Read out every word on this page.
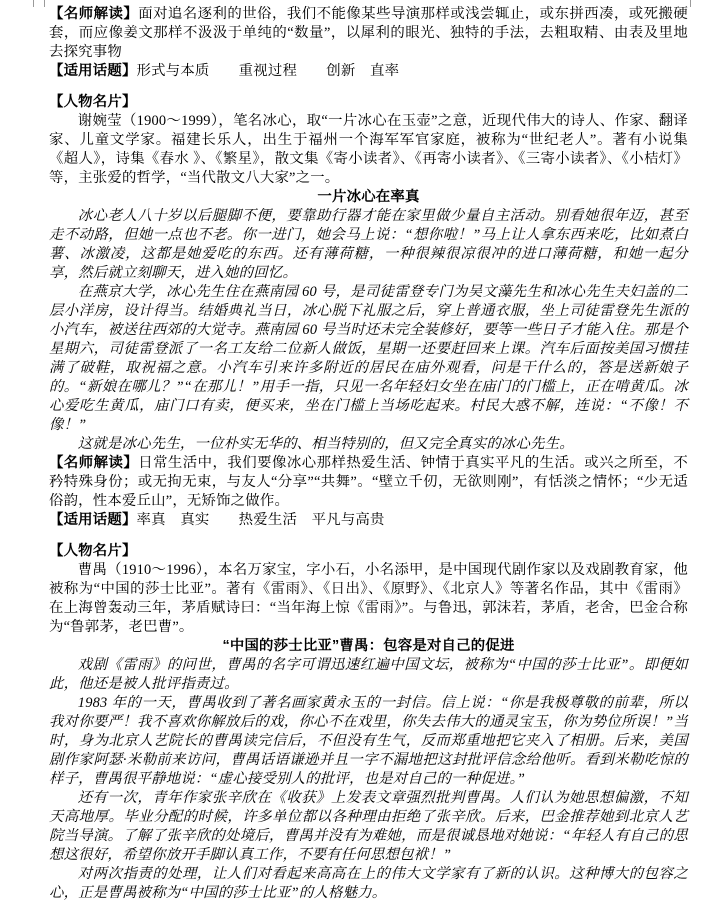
【名师解读】面对追名逐利的世俗，我们不能像某些导演那样或浅尝辄止，或东拼西凑，或死搬硬套，而应像姜文那样不汲汲于单纯的“数量”，以犀利的眼光、独特的手法，去粗取精、由表及里地去探究事物

【适用话题】形式与本质　　重视过程　　创新　直率

【人物名片】

谢婉莹（1900～1999），笔名冰心，取“一片冰心在玉壶”之意，近现代伟大的诗人、作家、翻译家、儿童文学家。福建长乐人，出生于福州一个海军军官家庭，被称为“世纪老人”。著有小说集《超人》，诗集《春水 》、《繁星》，散文集《寄小读者》、《再寄小读者》、《三寄小读者》、《小桔灯》等，主张爱的哲学，“当代散文八大家”之一。

一片冰心在率真

冰心老人八十岁以后腿脚不便，要靠助行器才能在家里做少量自主活动。别看她很年迈，甚至走不动路，但她一点也不老。你一进门，她会马上说：“想你啦！”马上让人拿东西来吃，比如煮白薯、冰激凌，这都是她爱吃的东西。还有薄荷糖，一种很辣很凉很冲的进口薄荷糖，和她一起分享，然后就立刻聊天，进入她的回忆。

在燕京大学，冰心先生住在燕南园 60 号，是司徒雷登专门为吴文藻先生和冰心先生夫妇盖的二层小洋房，设计得当。结婚典礼当日，冰心脱下礼服之后，穿上普通衣服，坐上司徒雷登先生派的小汽车，被送往西郊的大觉寺。燕南园 60 号当时还未完全装修好，要等一些日子才能入住。那是个星期六，司徒雷登派了一名工友给二位新人做饭，星期一还要赶回来上课。汽车后面按美国习惯挂满了破鞋，取祝福之意。小汽车引来许多附近的居民在庙外观看，问是干什么的，答是送新娘子的。“新娘在哪儿？”“在那儿！”用手一指，只见一名年轻妇女坐在庙门的门槛上，正在啃黄瓜。冰心爱吃生黄瓜，庙门口有卖，便买来，坐在门槛上当场吃起来。村民大惑不解，连说：“不像！不像！”

这就是冰心先生，一位朴实无华的、相当特别的，但又完全真实的冰心先生。

【名师解读】日常生活中，我们要像冰心那样热爱生活、钟情于真实平凡的生活。或兴之所至，不矜特殊身份；或无拘无束，与友人“分享”“共舞”。“壁立千仞，无欲则刚”，有恬淡之情怀；“少无适俗韵，性本爱丘山”，无矫饰之做作。

【适用话题】率真　真实　　热爱生活　平凡与高贵

【人物名片】

曹禺（1910～1996），本名万家宝，字小石，小名添甲，是中国现代剧作家以及戏剧教育家，他被称为“中国的莎士比亚”。著有《雷雨》、《日出》、《原野》、《北京人》等著名作品，其中《雷雨》在上海曾轰动三年，茅盾赋诗曰：“当年海上惊《雷雨》”。与鲁迅，郭沫若，茅盾，老舍，巴金合称为“鲁郭茅，老巴曹”。

“中国的莎士比亚”曹禺：包容是对自己的促进

戏剧《雷雨》的问世，曹禺的名字可谓迅速红遍中国文坛，被称为“中国的莎士比亚”。即便如此，他还是被人批评指责过。

1983 年的一天，曹禺收到了著名画家黄永玉的一封信。信上说：“你是我极尊敬的前辈，所以我对你要严！我不喜欢你解放后的戏，你心不在戏里，你失去伟大的通灵宝玉，你为势位所误！”当时，身为北京人艺院长的曹禺读完信后，不但没有生气，反而郑重地把它夹入了相册。后来，美国剧作家阿瑟·米勒前来访问，曹禺话语谦逊并且一字不漏地把这封批评信念给他听。看到米勒吃惊的样子，曹禺很平静地说：“虚心接受别人的批评，也是对自己的一种促进。”

还有一次，青年作家张辛欣在《收获》上发表文章强烈批判曹禺。人们认为她思想偏激，不知天高地厚。毕业分配的时候，许多单位都以各种理由拒绝了张辛欣。后来，巴金推荐她到北京人艺院当导演。了解了张辛欣的处境后，曹禺并没有为难她，而是很诚恳地对她说：“年轻人有自己的思想这很好，希望你放开手脚认真工作，不要有任何思想包袱！”

对两次指责的处理，让人们对看起来高高在上的伟大文学家有了新的认识。这种博大的包容之心，正是曹禺被称为“中国的莎士比亚”的人格魅力。
